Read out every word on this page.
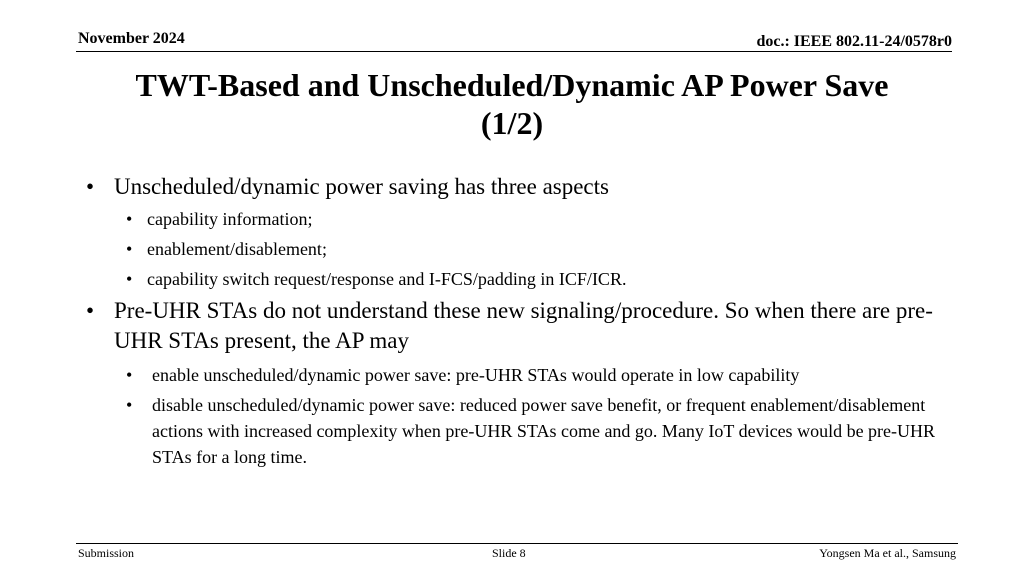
November 2024	doc.: IEEE 802.11-24/0578r0
TWT-Based and Unscheduled/Dynamic AP Power Save
(1/2)
• Unscheduled/dynamic power saving has three aspects
• capability information;
• enablement/disablement;
• capability switch request/response and I-FCS/padding in ICF/ICR.
• Pre-UHR STAs do not understand these new signaling/procedure. So when there are pre-UHR STAs present, the AP may
• enable unscheduled/dynamic power save: pre-UHR STAs would operate in low capability
• disable unscheduled/dynamic power save: reduced power save benefit, or frequent enablement/disablement actions with increased complexity when pre-UHR STAs come and go. Many IoT devices would be pre-UHR STAs for a long time.
Submission	Slide 8	Yongsen Ma et al., Samsung
